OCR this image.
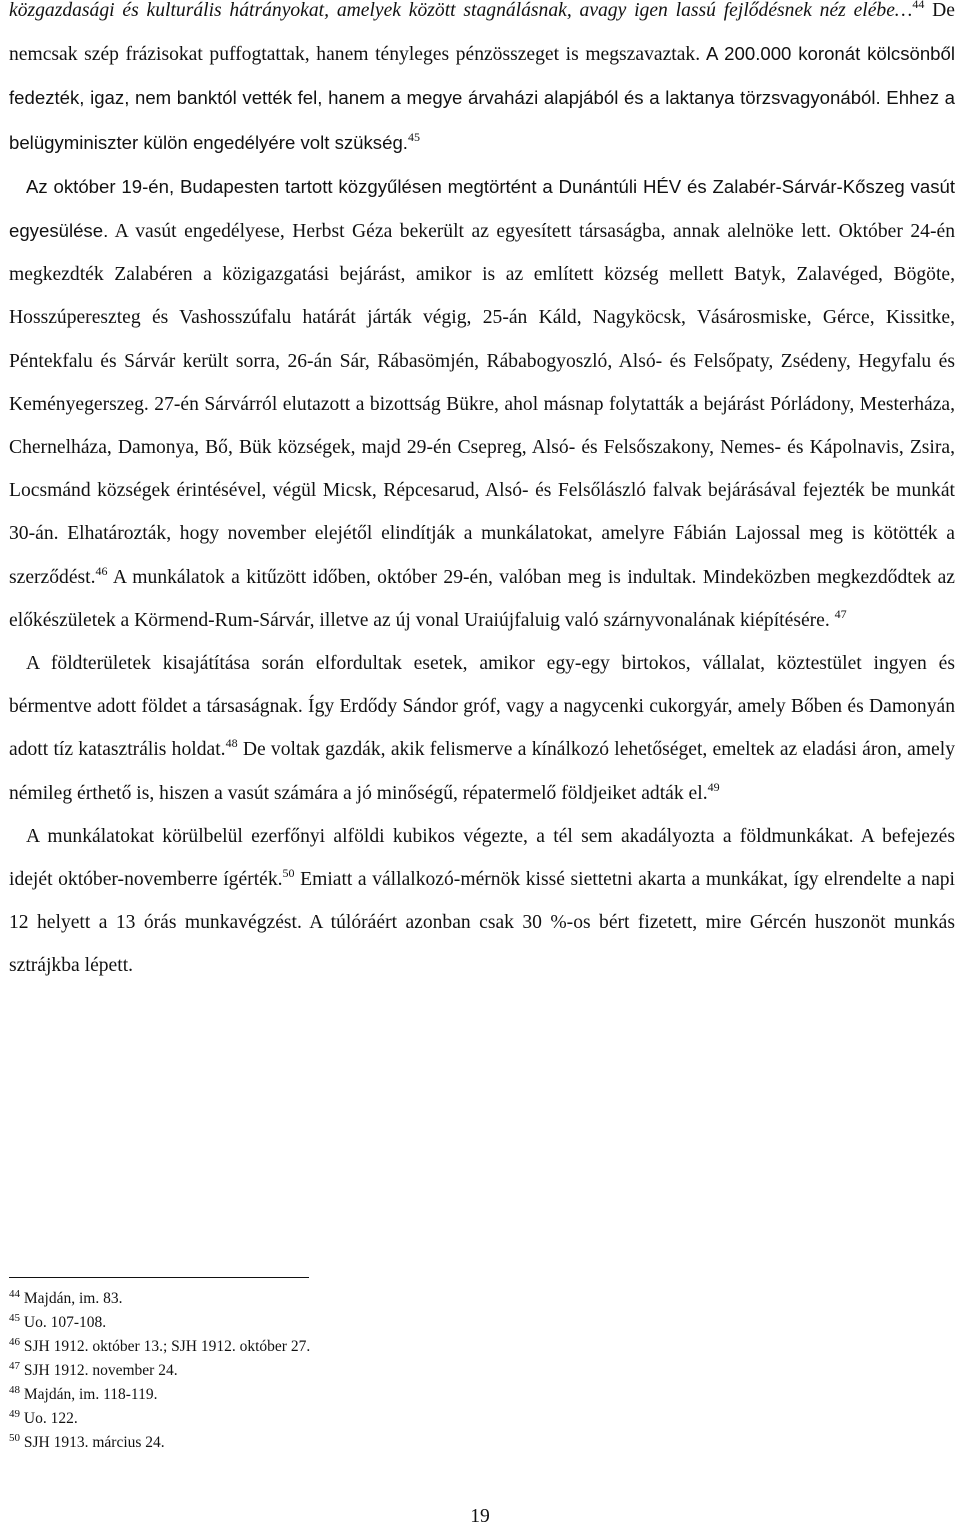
közgazdasági és kulturális hátrányokat, amelyek között stagnálásnak, avagy igen lassú fejlődésnek néz elébe…$^{44}$ De nemcsak szép frázisokat puffogtattak, hanem tényleges pénzösszeget is megszavaztak. A 200.000 koronát kölcsönből fedezték, igaz, nem banktól vették fel, hanem a megye árvaházi alapjából és a laktanya törzsvagyonából. Ehhez a belügyminiszter külön engedélyére volt szükség.$^{45}$

Az október 19-én, Budapesten tartott közgyűlésen megtörtént a Dunántúli HÉV és Zalabér-Sárvár-Kőszeg vasút egyesülése. A vasút engedélyese, Herbst Géza bekerült az egyesített társaságba, annak alelnöke lett. Október 24-én megkezdték Zalabéren a közigazgatási bejárást, amikor is az említett község mellett Batyk, Zalavéged, Bögöte, Hosszúpereszteg és Vashosszúfalu határát járták végig, 25-án Káld, Nagyköcsk, Vásárosmiske, Gérce, Kissitke, Péntekfalu és Sárvár került sorra, 26-án Sár, Rábasömjén, Rábabogyoszló, Alsó- és Felsőpaty, Zsédeny, Hegyfalu és Keményegerszeg. 27-én Sárvárról elutazott a bizottság Bükre, ahol másnap folytatták a bejárást Pórládony, Mesterháza, Chernelháza, Damonya, Bő, Bük községek, majd 29-én Csepreg, Alsó- és Felsőszakony, Nemes- és Kápolnavis, Zsira, Locsmánd községek érintésével, végül Micsk, Répcesarud, Alsó- és Felsőlászló falvak bejárásával fejezték be munkát 30-án. Elhatározták, hogy november elejétől elindítják a munkálatokat, amelyre Fábián Lajossal meg is kötötték a szerződést.$^{46}$ A munkálatok a kitűzött időben, október 29-én, valóban meg is indultak. Mindeközben megkezdődtek az előkészületek a Körmend-Rum-Sárvár, illetve az új vonal Uraiújfaluig való szárnyvonalának kiépítésére. $^{47}$

A földterületek kisajátítása során elfordultak esetek, amikor egy-egy birtokos, vállalat, köztestület ingyen és bérmentve adott földet a társaságnak. Így Erdődy Sándor gróf, vagy a nagycenki cukorgyár, amely Bőben és Damonyán adott tíz katasztrális holdat.$^{48}$ De voltak gazdák, akik felismerve a kínálkozó lehetőséget, emeltek az eladási áron, amely némileg érthető is, hiszen a vasút számára a jó minőségű, répatermelő földjeiket adták el.$^{49}$

A munkálatokat körülbelül ezerfőnyi alföldi kubikos végezte, a tél sem akadályozta a földmunkákat. A befejezés idejét október-novemberre ígérték.$^{50}$ Emiatt a vállalkozó-mérnök kissé siettetni akarta a munkákat, így elrendelte a napi 12 helyett a 13 órás munkavégzést. A túlóráért azonban csak 30 %-os bért fizetett, mire Gércén huszonöt munkás sztrájkba lépett.

$^{44}$ Majdán, im. 83.
$^{45}$ Uo. 107-108.
$^{46}$ SJH 1912. október 13.; SJH 1912. október 27.
$^{47}$ SJH 1912. november 24.
$^{48}$ Majdán, im. 118-119.
$^{49}$ Uo. 122.
$^{50}$ SJH 1913. március 24.
19
